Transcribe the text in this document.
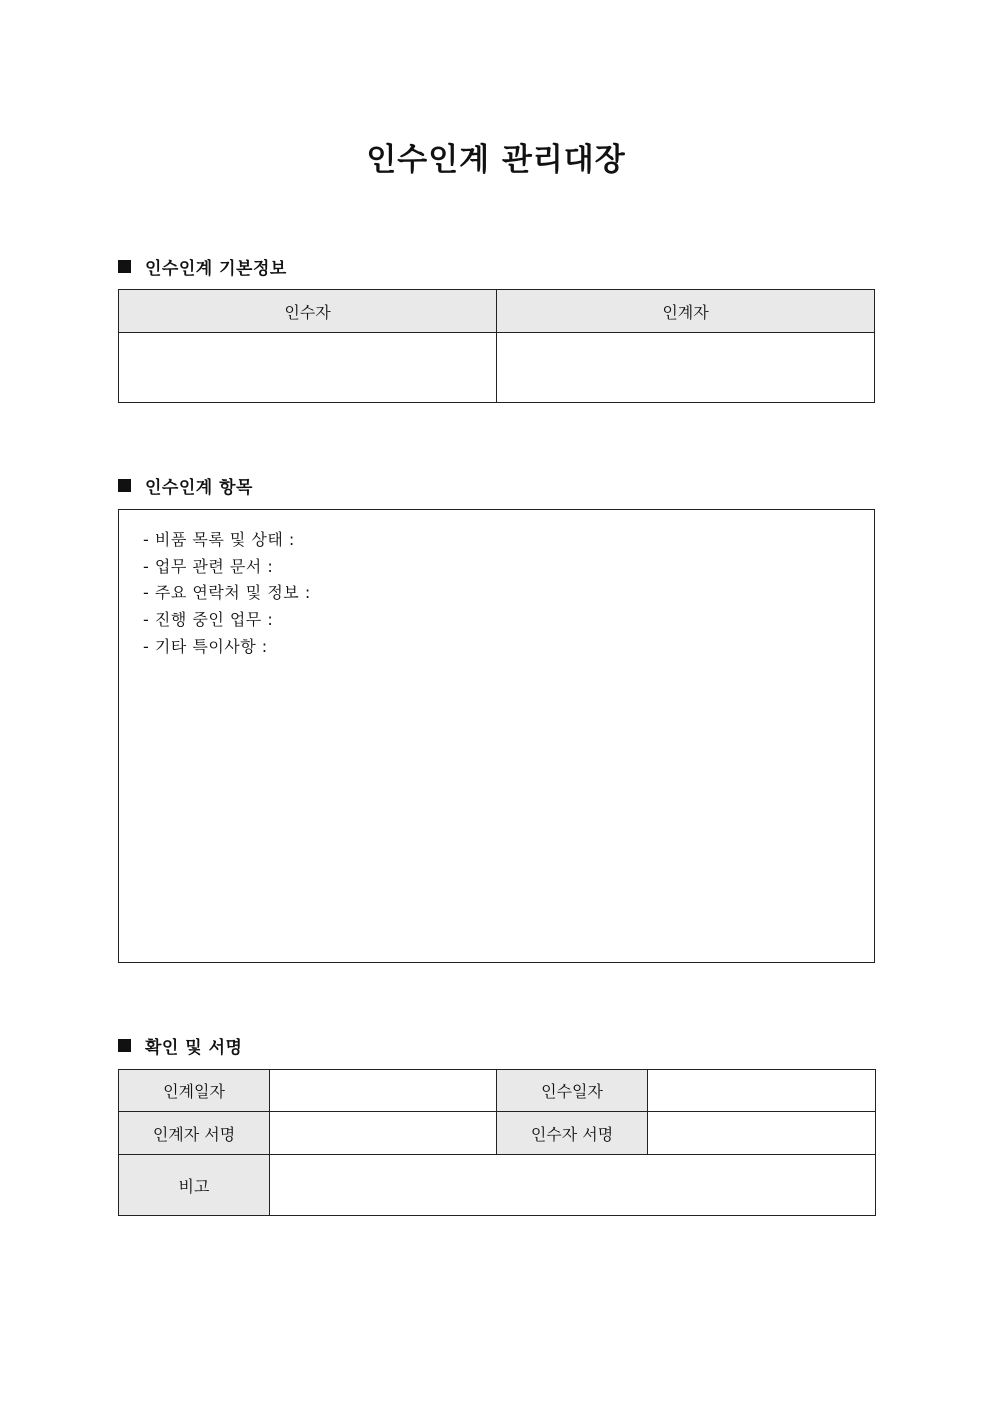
인수인계 관리대장
인수인계 기본정보
인수자	인계자

인수인계 항목
- 비품 목록 및 상태 :
- 업무 관련 문서 :
- 주요 연락처 및 정보 :
- 진행 중인 업무 :
- 기타 특이사항 :
확인 및 서명
인계일자		인수일자	
인계자 서명		인수자 서명	
비고			
